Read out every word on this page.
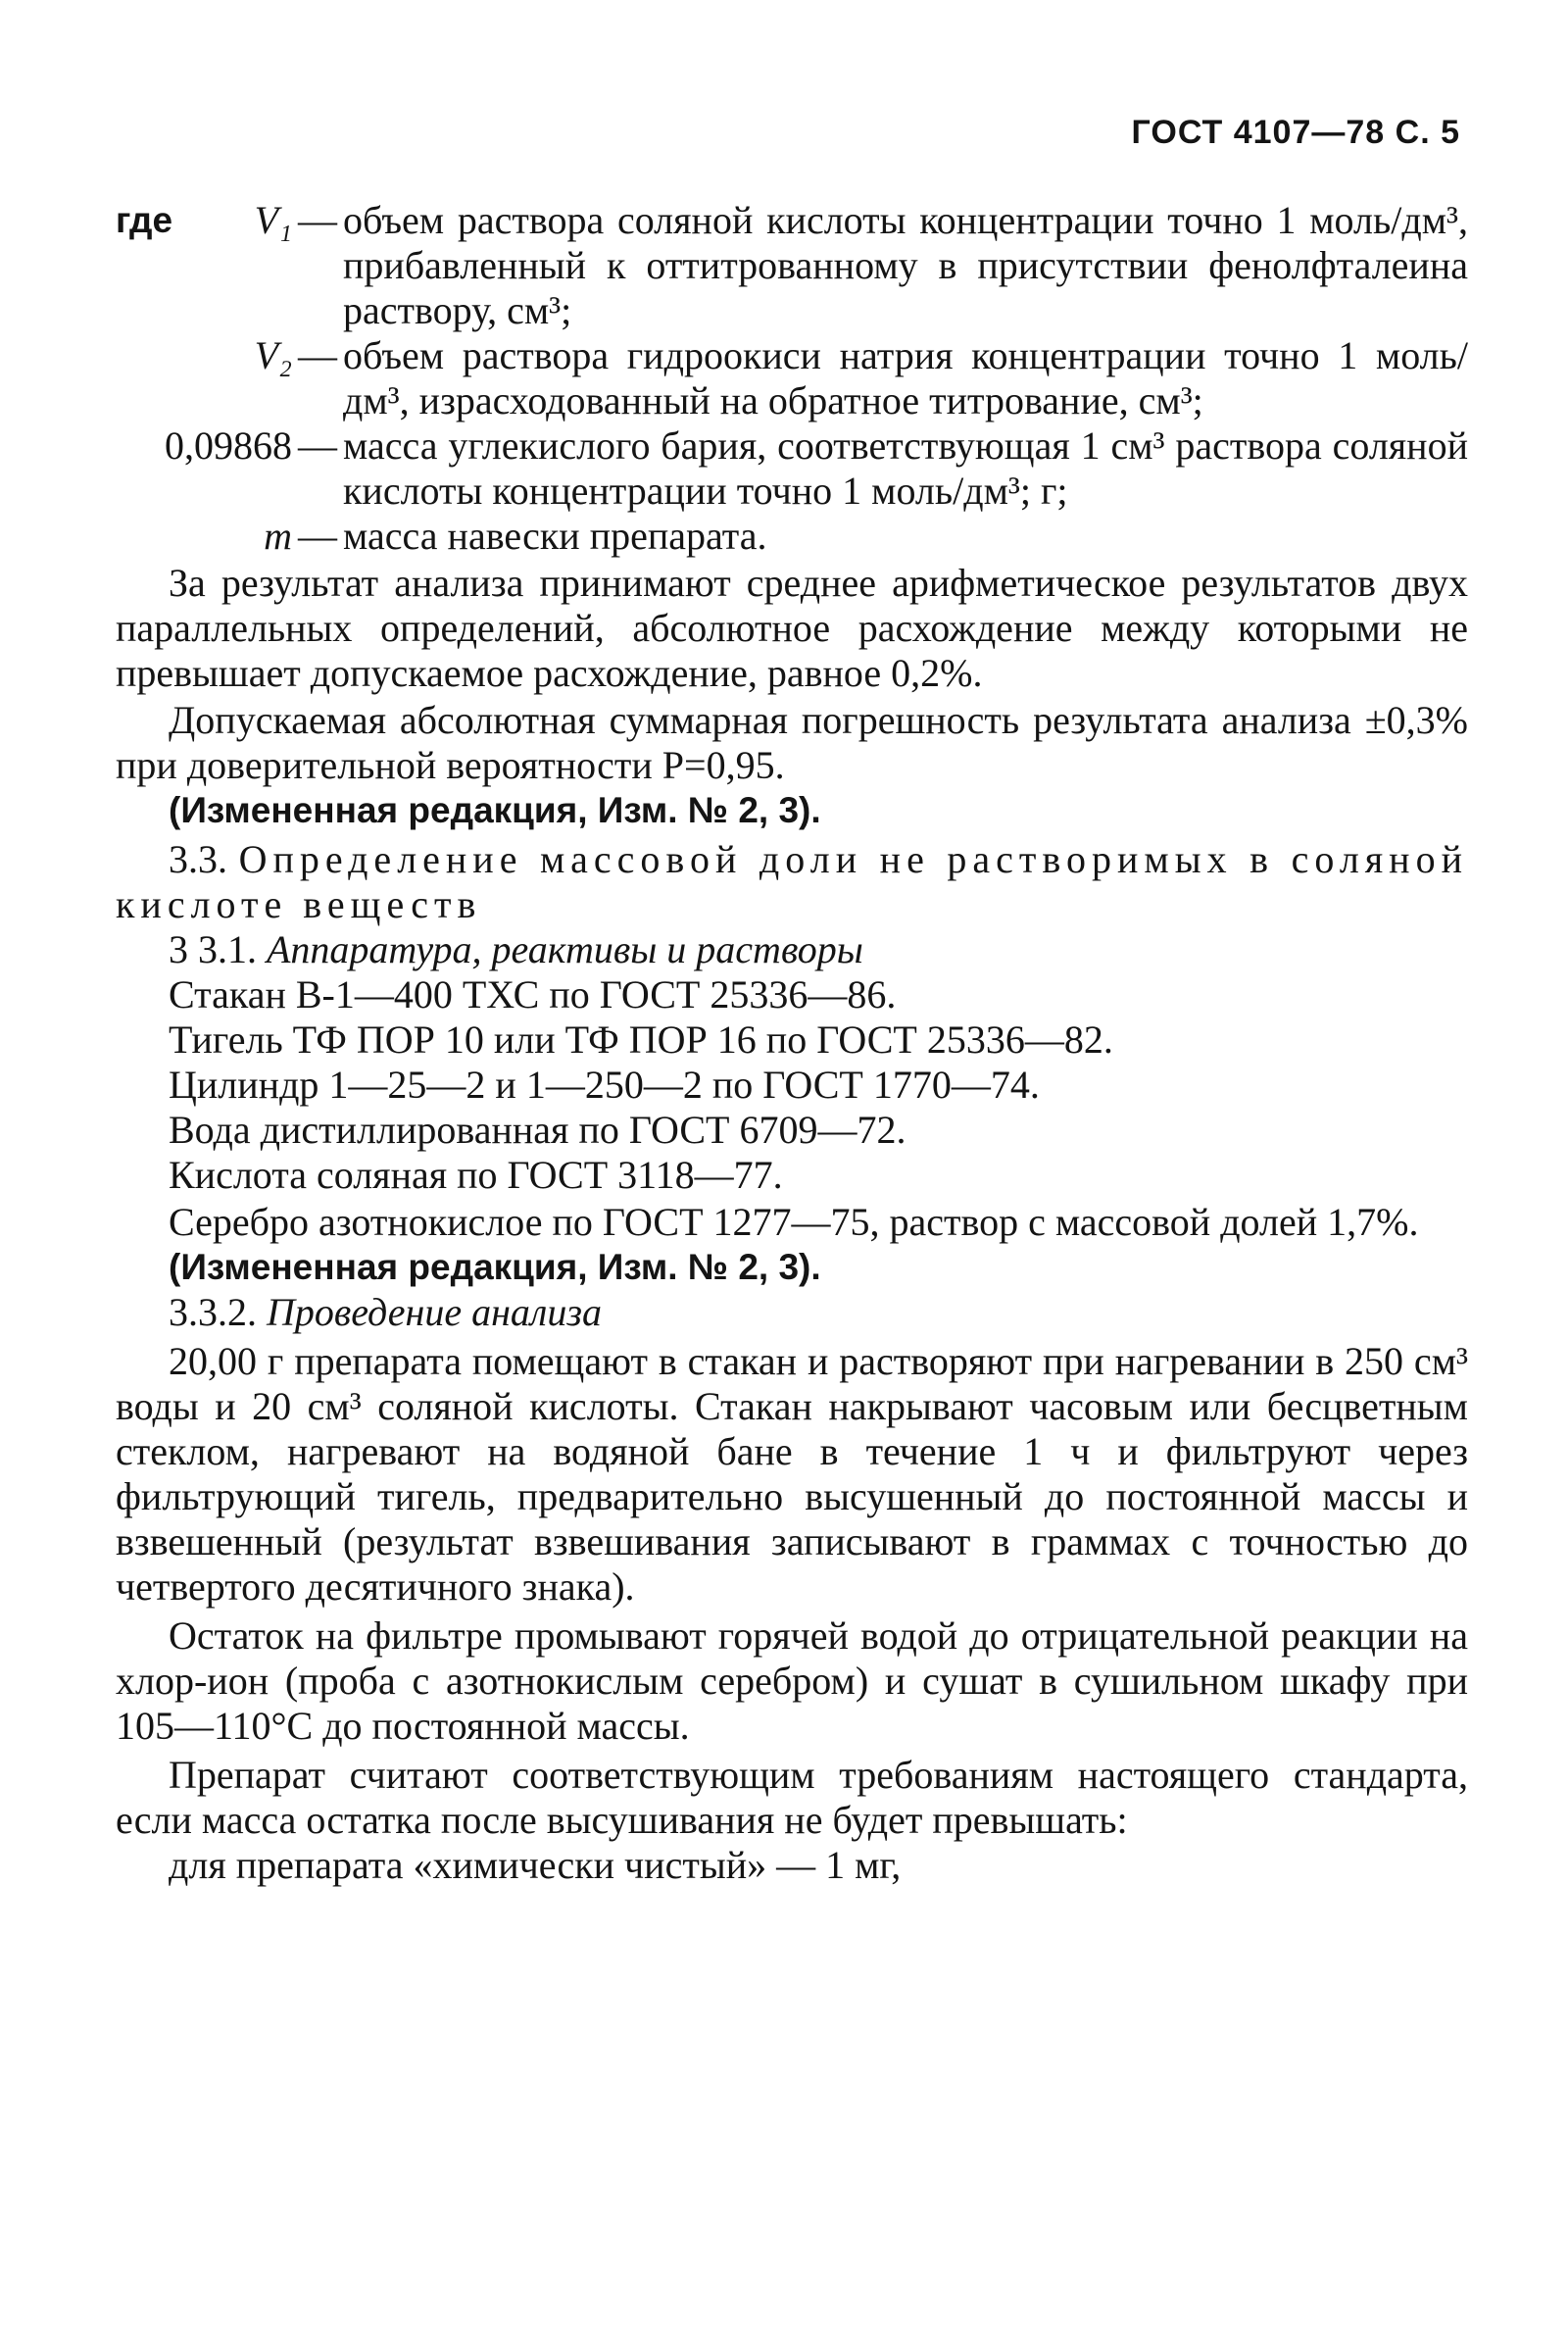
ГОСТ 4107—78 С. 5
где V₁ — объем раствора соляной кислоты концентрации точно 1 моль/дм³, прибавленный к оттитрованному в присутствии фенолфталеина раствору, см³;
V₂ — объем раствора гидроокиси натрия концентрации точно 1 моль/дм³, израсходованный на обратное титрование, см³;
0,09868 — масса углекислого бария, соответствующая 1 см³ раствора соляной кислоты концентрации точно 1 моль/дм³; г;
m — масса навески препарата.

За результат анализа принимают среднее арифметическое результатов двух параллельных определений, абсолютное расхождение между которыми не превышает допускаемое расхождение, равное 0,2%.

Допускаемая абсолютная суммарная погрешность результата анализа ±0,3% при доверительной вероятности P=0,95.

(Измененная редакция, Изм. № 2, 3).

3.3. Определение массовой доли не растворимых в соляной кислоте веществ

3 3.1. Аппаратура, реактивы и растворы

Стакан В-1—400 ТХС по ГОСТ 25336—86.

Тигель ТФ ПОР 10 или ТФ ПОР 16 по ГОСТ 25336—82.

Цилиндр 1—25—2 и 1—250—2 по ГОСТ 1770—74.

Вода дистиллированная по ГОСТ 6709—72.

Кислота соляная по ГОСТ 3118—77.

Серебро азотнокислое по ГОСТ 1277—75, раствор с массовой долей 1,7%.

(Измененная редакция, Изм. № 2, 3).

3.3.2. Проведение анализа

20,00 г препарата помещают в стакан и растворяют при нагревании в 250 см³ воды и 20 см³ соляной кислоты. Стакан накрывают часовым или бесцветным стеклом, нагревают на водяной бане в течение 1 ч и фильтруют через фильтрующий тигель, предварительно высушенный до постоянной массы и взвешенный (результат взвешивания записывают в граммах с точностью до четвертого десятичного знака).

Остаток на фильтре промывают горячей водой до отрицательной реакции на хлор-ион (проба с азотнокислым серебром) и сушат в сушильном шкафу при 105—110°С до постоянной массы.

Препарат считают соответствующим требованиям настоящего стандарта, если масса остатка после высушивания не будет превышать:

для препарата «химически чистый» — 1 мг,
